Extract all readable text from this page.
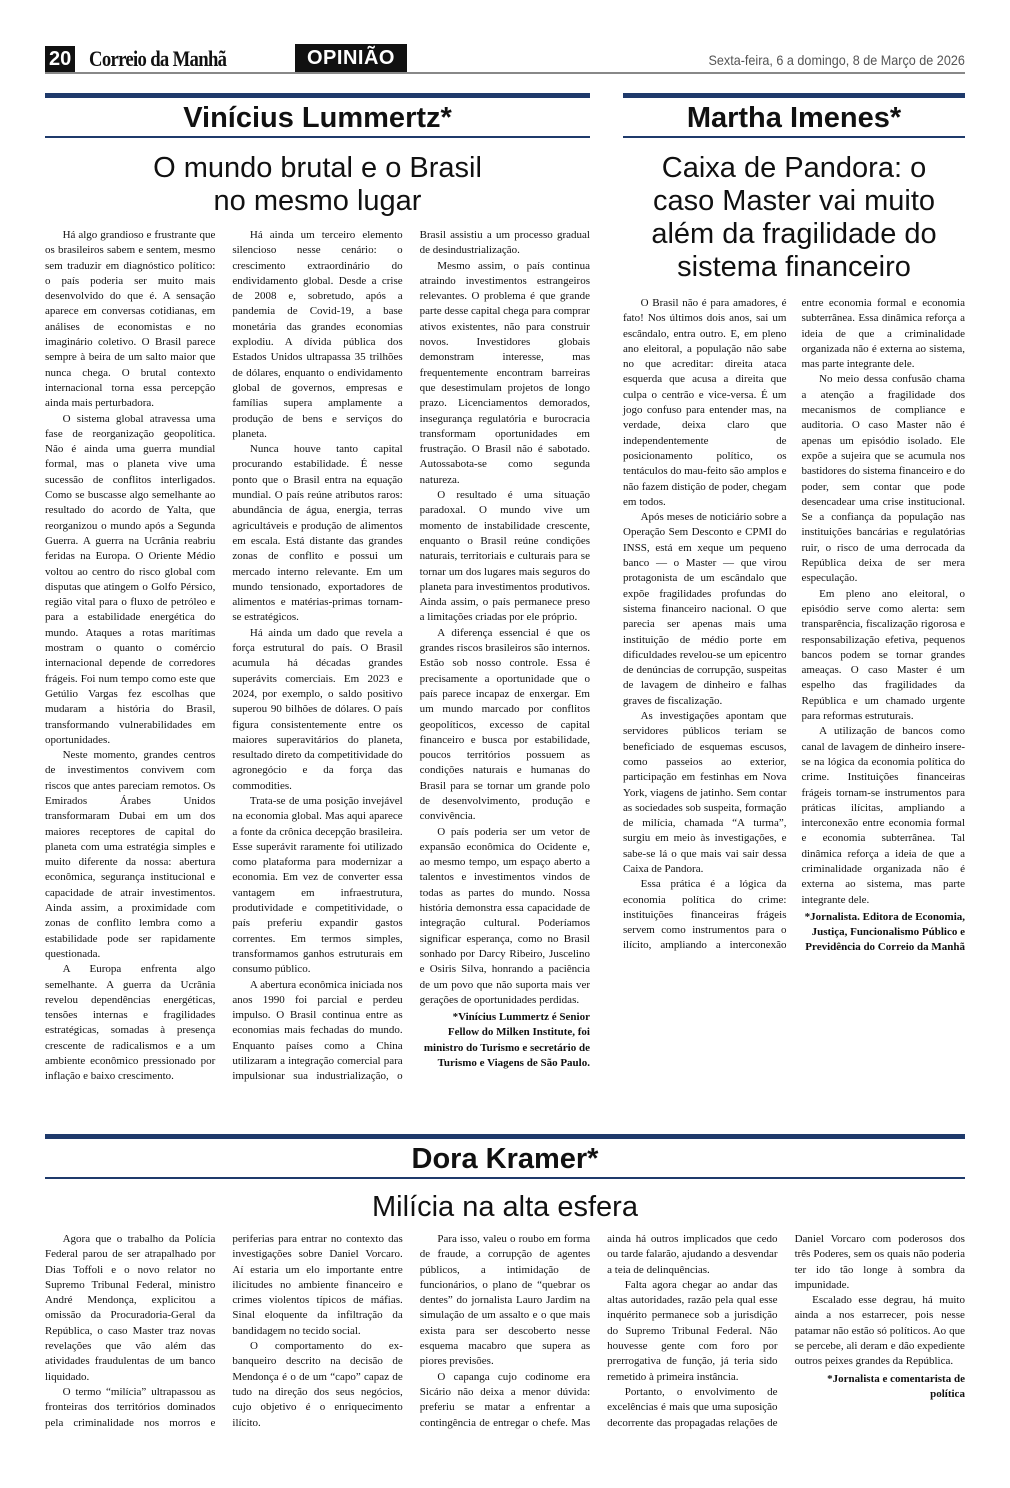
20 Correio da Manhã	OPINIÃO	Sexta-feira, 6 a domingo, 8 de Março de 2026
Vinícius Lummertz*
O mundo brutal e o Brasil no mesmo lugar

Há algo grandioso e frustrante que os brasileiros sabem e sentem, mesmo sem traduzir em diagnóstico político: o país poderia ser muito mais desenvolvido do que é. A sensação aparece em conversas cotidianas, em análises de economistas e no imaginário coletivo. O Brasil parece sempre à beira de um salto maior que nunca chega. O brutal contexto internacional torna essa percepção ainda mais perturbadora.

O sistema global atravessa uma fase de reorganização geopolítica. Não é ainda uma guerra mundial formal, mas o planeta vive uma sucessão de conflitos interligados. Como se buscasse algo semelhante ao resultado do acordo de Yalta, que reorganizou o mundo após a Segunda Guerra. A guerra na Ucrânia reabriu feridas na Europa. O Oriente Médio voltou ao centro do risco global com disputas que atingem o Golfo Pérsico, região vital para o fluxo de petróleo e para a estabilidade energética do mundo. Ataques a rotas marítimas mostram o quanto o comércio internacional depende de corredores frágeis. Foi num tempo como este que Getúlio Vargas fez escolhas que mudaram a história do Brasil, transformando vulnerabilidades em oportunidades.

Neste momento, grandes centros de investimentos convivem com riscos que antes pareciam remotos. Os Emirados Árabes Unidos transformaram Dubai em um dos maiores receptores de capital do planeta com uma estratégia simples e muito diferente da nossa: abertura econômica, segurança institucional e capacidade de atrair investimentos. Ainda assim, a proximidade com zonas de conflito lembra como a estabilidade pode ser rapidamente questionada.

A Europa enfrenta algo semelhante. A guerra da Ucrânia revelou dependências energéticas, tensões internas e fragilidades estratégicas, somadas à presença crescente de radicalismos e a um ambiente econômico pressionado por inflação e baixo crescimento.

Há ainda um terceiro elemento silencioso nesse cenário: o crescimento extraordinário do endividamento global. Desde a crise de 2008 e, sobretudo, após a pandemia de Covid-19, a base monetária das grandes economias explodiu. A dívida pública dos Estados Unidos ultrapassa 35 trilhões de dólares, enquanto o endividamento global de governos, empresas e famílias supera amplamente a produção de bens e serviços do planeta.

Nunca houve tanto capital procurando estabilidade. É nesse ponto que o Brasil entra na equação mundial. O país reúne atributos raros: abundância de água, energia, terras agricultáveis e produção de alimentos em escala. Está distante das grandes zonas de conflito e possui um mercado interno relevante. Em um mundo tensionado, exportadores de alimentos e matérias-primas tornam-se estratégicos.

Há ainda um dado que revela a força estrutural do país. O Brasil acumula há décadas grandes superávits comerciais. Em 2023 e 2024, por exemplo, o saldo positivo superou 90 bilhões de dólares. O país figura consistentemente entre os maiores superavitários do planeta, resultado direto da competitividade do agronegócio e da força das commodities.

Trata-se de uma posição invejável na economia global. Mas aqui aparece a fonte da crônica decepção brasileira. Esse superávit raramente foi utilizado como plataforma para modernizar a economia. Em vez de converter essa vantagem em infraestrutura, produtividade e competitividade, o país preferiu expandir gastos correntes. Em termos simples, transformamos ganhos estruturais em consumo público.

A abertura econômica iniciada nos anos 1990 foi parcial e perdeu impulso. O Brasil continua entre as economias mais fechadas do mundo. Enquanto países como a China utilizaram a integração comercial para impulsionar sua industrialização, o Brasil assistiu a um processo gradual de desindustrialização.

Mesmo assim, o país continua atraindo investimentos estrangeiros relevantes. O problema é que grande parte desse capital chega para comprar ativos existentes, não para construir novos. Investidores globais demonstram interesse, mas frequentemente encontram barreiras que desestimulam projetos de longo prazo. Licenciamentos demorados, insegurança regulatória e burocracia transformam oportunidades em frustração. O Brasil não é sabotado. Autossabota-se como segunda natureza.

O resultado é uma situação paradoxal. O mundo vive um momento de instabilidade crescente, enquanto o Brasil reúne condições naturais, territoriais e culturais para se tornar um dos lugares mais seguros do planeta para investimentos produtivos. Ainda assim, o país permanece preso a limitações criadas por ele próprio.

A diferença essencial é que os grandes riscos brasileiros são internos. Estão sob nosso controle. Essa é precisamente a oportunidade que o país parece incapaz de enxergar. Em um mundo marcado por conflitos geopolíticos, excesso de capital financeiro e busca por estabilidade, poucos territórios possuem as condições naturais e humanas do Brasil para se tornar um grande polo de desenvolvimento, produção e convivência.

O país poderia ser um vetor de expansão econômica do Ocidente e, ao mesmo tempo, um espaço aberto a talentos e investimentos vindos de todas as partes do mundo. Nossa história demonstra essa capacidade de integração cultural. Poderíamos significar esperança, como no Brasil sonhado por Darcy Ribeiro, Juscelino e Osiris Silva, honrando a paciência de um povo que não suporta mais ver gerações de oportunidades perdidas.

*Vinícius Lummertz é Senior Fellow do Milken Institute, foi ministro do Turismo e secretário de Turismo e Viagens de São Paulo.

Martha Imenes*
Caixa de Pandora: o caso Master vai muito além da fragilidade do sistema financeiro

O Brasil não é para amadores, é fato! Nos últimos dois anos, sai um escândalo, entra outro. E, em pleno ano eleitoral, a população não sabe no que acreditar: direita ataca esquerda que acusa a direita que culpa o centrão e vice-versa. É um jogo confuso para entender mas, na verdade, deixa claro que independentemente de posicionamento político, os tentáculos do mau-feito são amplos e não fazem distição de poder, chegam em todos.

Após meses de noticiário sobre a Operação Sem Desconto e CPMI do INSS, está em xeque um pequeno banco — o Master — que virou protagonista de um escândalo que expõe fragilidades profundas do sistema financeiro nacional. O que parecia ser apenas mais uma instituição de médio porte em dificuldades revelou-se um epicentro de denúncias de corrupção, suspeitas de lavagem de dinheiro e falhas graves de fiscalização.

As investigações apontam que servidores públicos teriam se beneficiado de esquemas escusos, como passeios ao exterior, participação em festinhas em Nova York, viagens de jatinho. Sem contar as sociedades sob suspeita, formação de milícia, chamada “A turma”, surgiu em meio às investigações, e sabe-se lá o que mais vai sair dessa Caixa de Pandora.

Essa prática é a lógica da economia política do crime: instituições financeiras frágeis servem como instrumentos para o ilícito, ampliando a interconexão entre economia formal e economia subterrânea. Essa dinâmica reforça a ideia de que a criminalidade organizada não é externa ao sistema, mas parte integrante dele.

No meio dessa confusão chama a atenção a fragilidade dos mecanismos de compliance e auditoria. O caso Master não é apenas um episódio isolado. Ele expõe a sujeira que se acumula nos bastidores do sistema financeiro e do poder, sem contar que pode desencadear uma crise institucional. Se a confiança da população nas instituições bancárias e regulatórias ruir, o risco de uma derrocada da República deixa de ser mera especulação.

Em pleno ano eleitoral, o episódio serve como alerta: sem transparência, fiscalização rigorosa e responsabilização efetiva, pequenos bancos podem se tornar grandes ameaças. O caso Master é um espelho das fragilidades da República e um chamado urgente para reformas estruturais.

A utilização de bancos como canal de lavagem de dinheiro insere-se na lógica da economia política do crime. Instituições financeiras frágeis tornam-se instrumentos para práticas ilícitas, ampliando a interconexão entre economia formal e economia subterrânea. Tal dinâmica reforça a ideia de que a criminalidade organizada não é externa ao sistema, mas parte integrante dele.

*Jornalista. Editora de Economia, Justiça, Funcionalismo Público e Previdência do Correio da Manhã

Dora Kramer*
Milícia na alta esfera

Agora que o trabalho da Polícia Federal parou de ser atrapalhado por Dias Toffoli e o novo relator no Supremo Tribunal Federal, ministro André Mendonça, explicitou a omissão da Procuradoria-Geral da República, o caso Master traz novas revelações que vão além das atividades fraudulentas de um banco liquidado.

O termo “milícia” ultrapassou as fronteiras dos territórios dominados pela criminalidade nos morros e periferias para entrar no contexto das investigações sobre Daniel Vorcaro. Aí estaria um elo importante entre ilicitudes no ambiente financeiro e crimes violentos típicos de máfias. Sinal eloquente da infiltração da bandidagem no tecido social.

O comportamento do ex-banqueiro descrito na decisão de Mendonça é o de um “capo” capaz de tudo na direção dos seus negócios, cujo objetivo é o enriquecimento ilícito.

Para isso, valeu o roubo em forma de fraude, a corrupção de agentes públicos, a intimidação de funcionários, o plano de “quebrar os dentes” do jornalista Lauro Jardim na simulação de um assalto e o que mais exista para ser descoberto nesse esquema macabro que supera as piores previsões.

O capanga cujo codinome era Sicário não deixa a menor dúvida: preferiu se matar a enfrentar a contingência de entregar o chefe. Mas ainda há outros implicados que cedo ou tarde falarão, ajudando a desvendar a teia de delinquências.

Falta agora chegar ao andar das altas autoridades, razão pela qual esse inquérito permanece sob a jurisdição do Supremo Tribunal Federal. Não houvesse gente com foro por prerrogativa de função, já teria sido remetido à primeira instância.

Portanto, o envolvimento de excelências é mais que uma suposição decorrente das propagadas relações de Daniel Vorcaro com poderosos dos três Poderes, sem os quais não poderia ter ido tão longe à sombra da impunidade.

Escalado esse degrau, há muito ainda a nos estarrecer, pois nesse patamar não estão só políticos. Ao que se percebe, ali deram e dão expediente outros peixes grandes da República.

*Jornalista e comentarista de política
